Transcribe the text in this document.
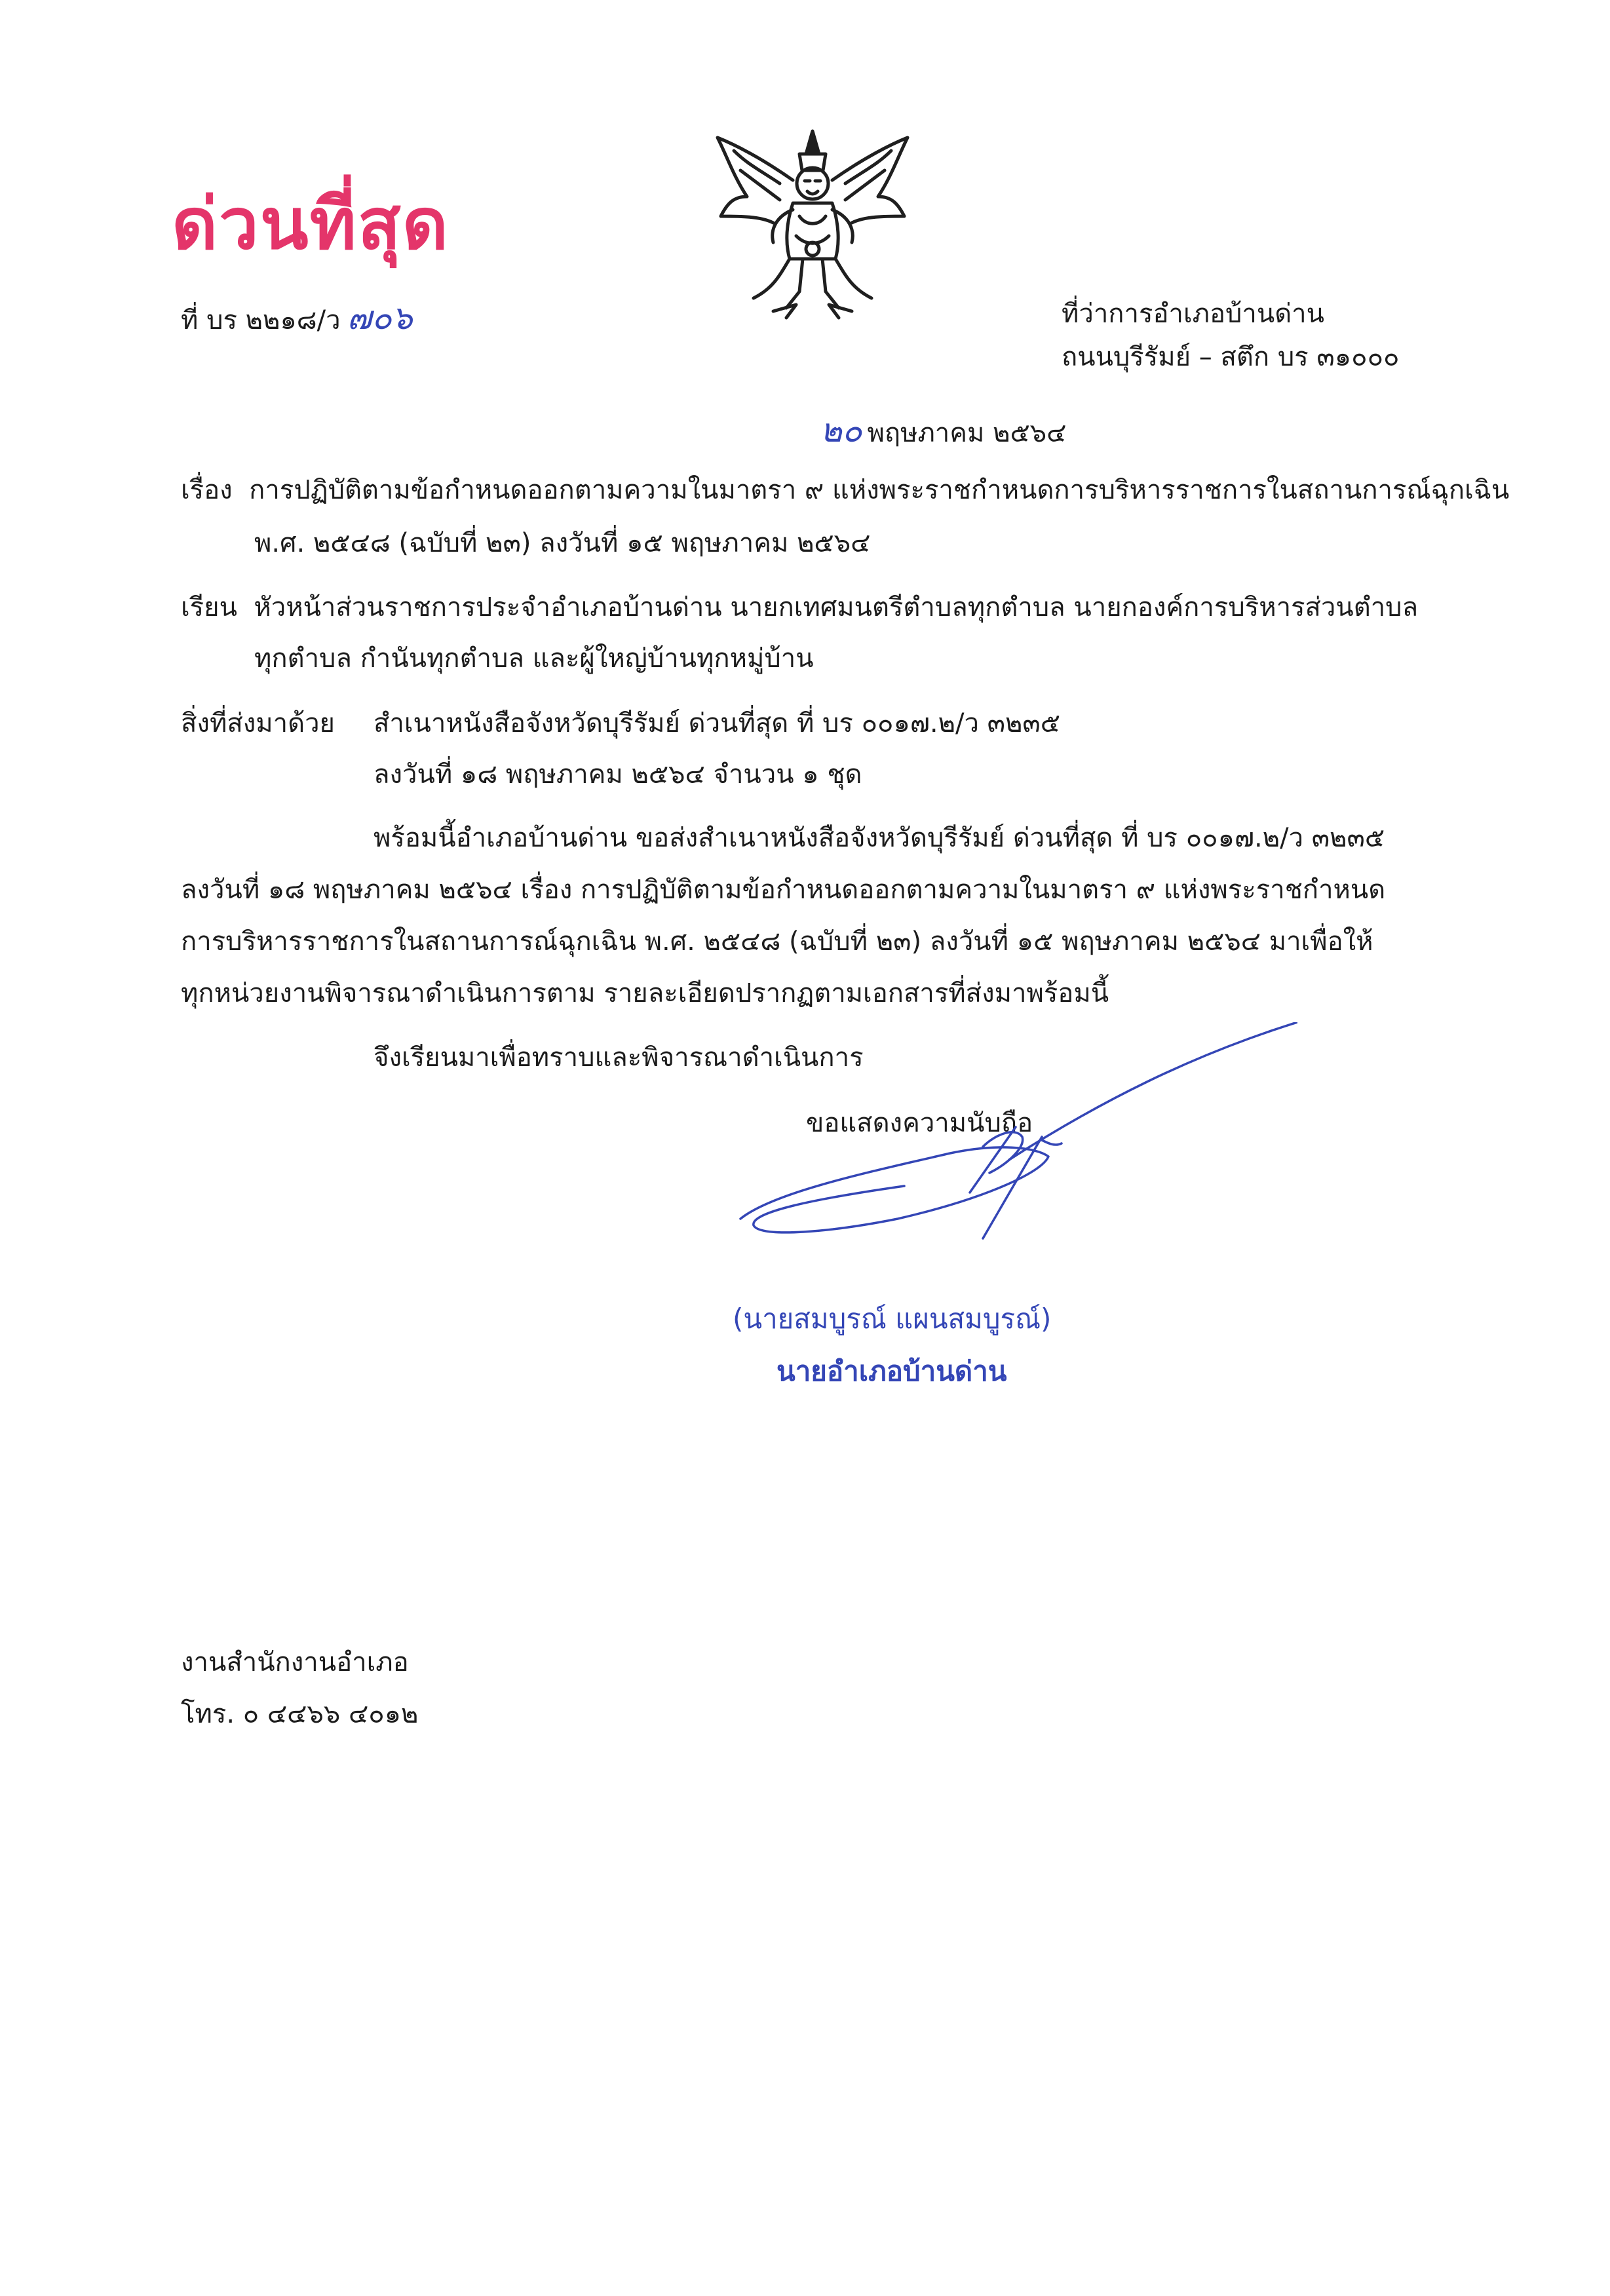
ด่วนที่สุด
ที่ บร ๒๒๑๘/ว ๗๐๖	ที่ว่าการอำเภอบ้านด่าน
ถนนบุรีรัมย์ – สตึก บร ๓๑๐๐๐
๒๐ พฤษภาคม ๒๕๖๔
เรื่อง การปฏิบัติตามข้อกำหนดออกตามความในมาตรา ๙ แห่งพระราชกำหนดการบริหารราชการในสถานการณ์ฉุกเฉิน
พ.ศ. ๒๕๔๘ (ฉบับที่ ๒๓) ลงวันที่ ๑๕ พฤษภาคม ๒๕๖๔
เรียน หัวหน้าส่วนราชการประจำอำเภอบ้านด่าน นายกเทศมนตรีตำบลทุกตำบล นายกองค์การบริหารส่วนตำบล
ทุกตำบล กำนันทุกตำบล และผู้ใหญ่บ้านทุกหมู่บ้าน
สิ่งที่ส่งมาด้วย สำเนาหนังสือจังหวัดบุรีรัมย์ ด่วนที่สุด ที่ บร ๐๐๑๗.๒/ว ๓๒๓๕
ลงวันที่ ๑๘ พฤษภาคม ๒๕๖๔ จำนวน ๑ ชุด
พร้อมนี้อำเภอบ้านด่าน ขอส่งสำเนาหนังสือจังหวัดบุรีรัมย์ ด่วนที่สุด ที่ บร ๐๐๑๗.๒/ว ๓๒๓๕
ลงวันที่ ๑๘ พฤษภาคม ๒๕๖๔ เรื่อง การปฏิบัติตามข้อกำหนดออกตามความในมาตรา ๙ แห่งพระราชกำหนด
การบริหารราชการในสถานการณ์ฉุกเฉิน พ.ศ. ๒๕๔๘ (ฉบับที่ ๒๓) ลงวันที่ ๑๕ พฤษภาคม ๒๕๖๔ มาเพื่อให้
ทุกหน่วยงานพิจารณาดำเนินการตาม รายละเอียดปรากฏตามเอกสารที่ส่งมาพร้อมนี้
จึงเรียนมาเพื่อทราบและพิจารณาดำเนินการ
ขอแสดงความนับถือ
(นายสมบูรณ์ แผนสมบูรณ์)
นายอำเภอบ้านด่าน
งานสำนักงานอำเภอ
โทร. ๐ ๔๔๖๖ ๔๐๑๒
